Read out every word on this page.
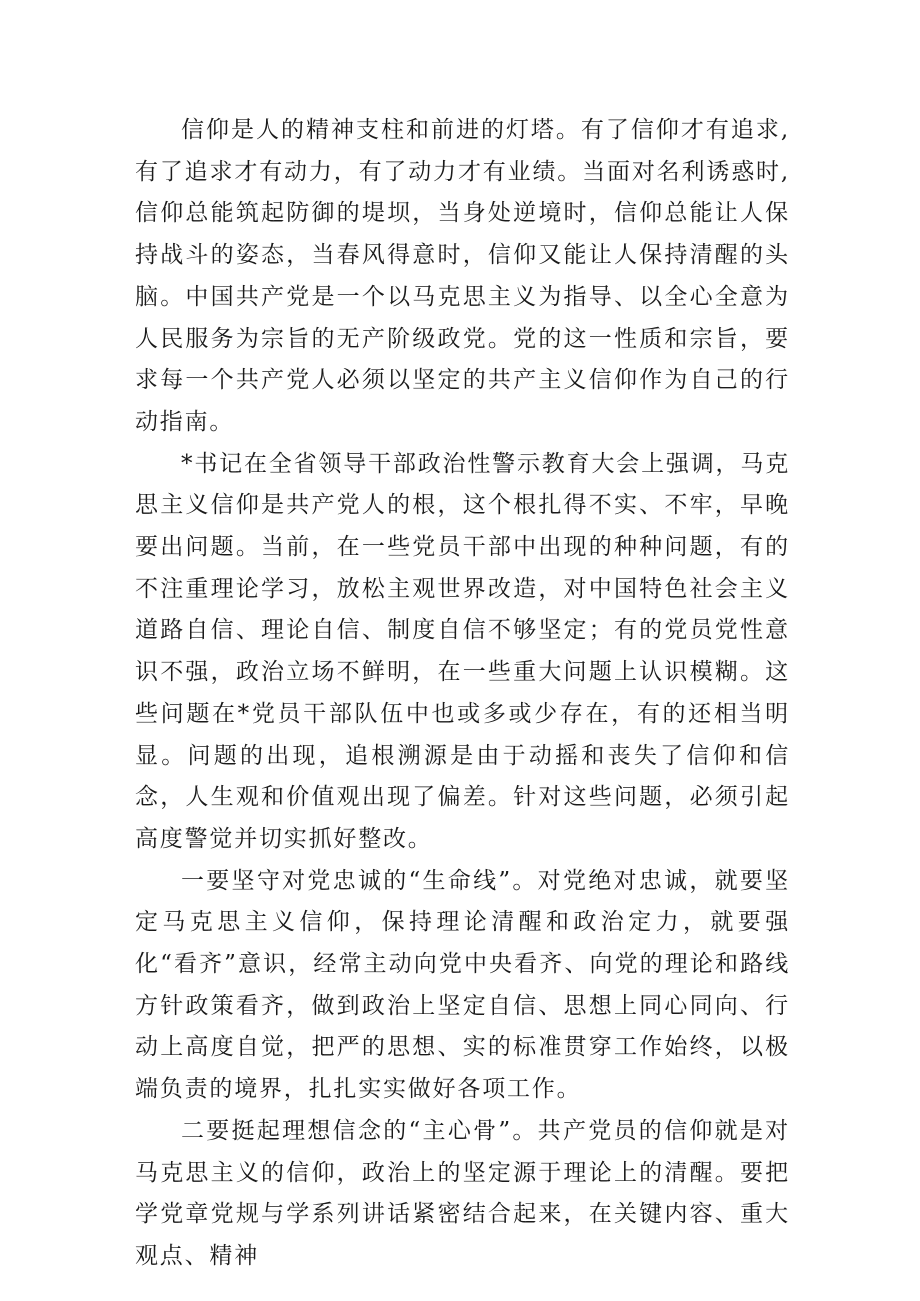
信仰是人的精神支柱和前进的灯塔。有了信仰才有追求,有了追求才有动力，有了动力才有业绩。当面对名利诱惑时,信仰总能筑起防御的堤坝，当身处逆境时，信仰总能让人保持战斗的姿态，当春风得意时，信仰又能让人保持清醒的头脑。中国共产党是一个以马克思主义为指导、以全心全意为人民服务为宗旨的无产阶级政党。党的这一性质和宗旨，要求每一个共产党人必须以坚定的共产主义信仰作为自己的行动指南。

*书记在全省领导干部政治性警示教育大会上强调，马克思主义信仰是共产党人的根，这个根扎得不实、不牢，早晚要出问题。当前，在一些党员干部中出现的种种问题，有的不注重理论学习，放松主观世界改造，对中国特色社会主义道路自信、理论自信、制度自信不够坚定；有的党员党性意识不强，政治立场不鲜明，在一些重大问题上认识模糊。这些问题在*党员干部队伍中也或多或少存在，有的还相当明显。问题的出现，追根溯源是由于动摇和丧失了信仰和信念，人生观和价值观出现了偏差。针对这些问题，必须引起高度警觉并切实抓好整改。

一要坚守对党忠诚的“生命线”。对党绝对忠诚，就要坚定马克思主义信仰，保持理论清醒和政治定力，就要强化“看齐”意识，经常主动向党中央看齐、向党的理论和路线方针政策看齐，做到政治上坚定自信、思想上同心同向、行动上高度自觉，把严的思想、实的标准贯穿工作始终，以极端负责的境界，扎扎实实做好各项工作。

二要挺起理想信念的“主心骨”。共产党员的信仰就是对马克思主义的信仰，政治上的坚定源于理论上的清醒。要把学党章党规与学系列讲话紧密结合起来，在关键内容、重大观点、精神
